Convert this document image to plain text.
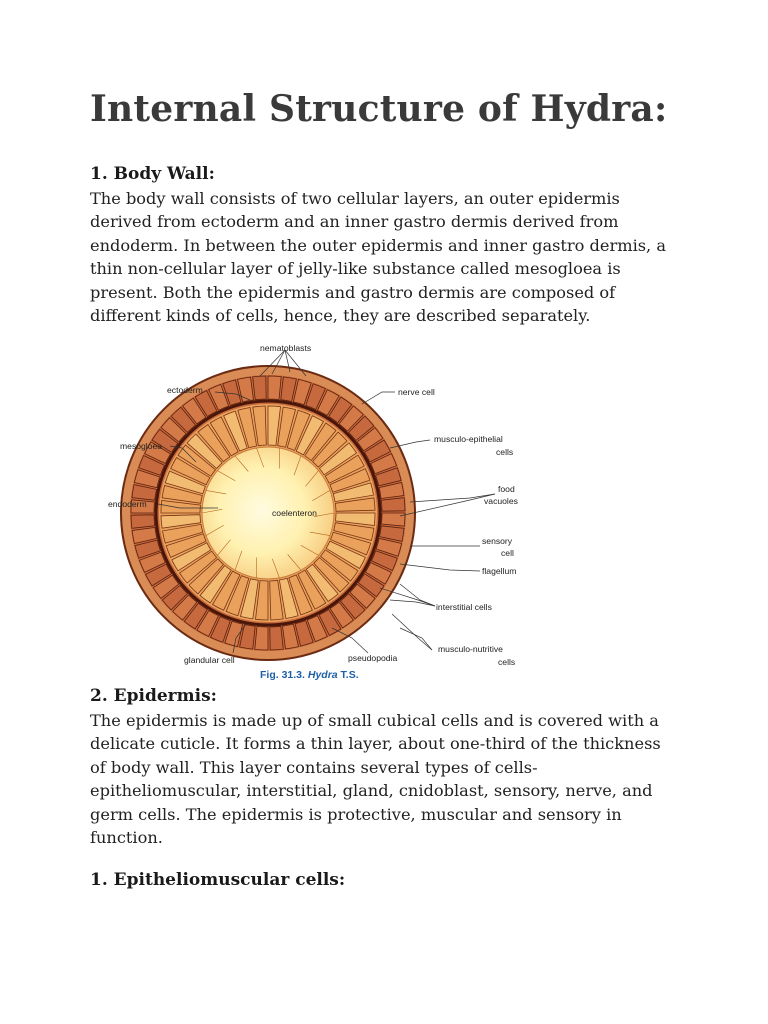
Internal Structure of Hydra:
1. Body Wall:

The body wall consists of two cellular layers, an outer epidermis
derived from ectoderm and an inner gastro dermis derived from
endoderm. In between the outer epidermis and inner gastro dermis, a
thin non-cellular layer of jelly-like substance called mesogloea is
present. Both the epidermis and gastro dermis are composed of
different kinds of cells, hence, they are described separately.

nematoblasts
ectoderm	nerve cell
mesogloea
musculo-epithelial
cells
endoderm
food
vacuoles
coelenteron
sensory
cell
flagellum
interstitial cells
glandular cell	pseudopodia
musculo-nutritive
cells
Fig. 31.3. Hydra T.S.
2. Epidermis:

The epidermis is made up of small cubical cells and is covered with a
delicate cuticle. It forms a thin layer, about one-third of the thickness
of body wall. This layer contains several types of cells-
epitheliomuscular, interstitial, gland, cnidoblast, sensory, nerve, and
germ cells. The epidermis is protective, muscular and sensory in
function.

1. Epitheliomuscular cells:
